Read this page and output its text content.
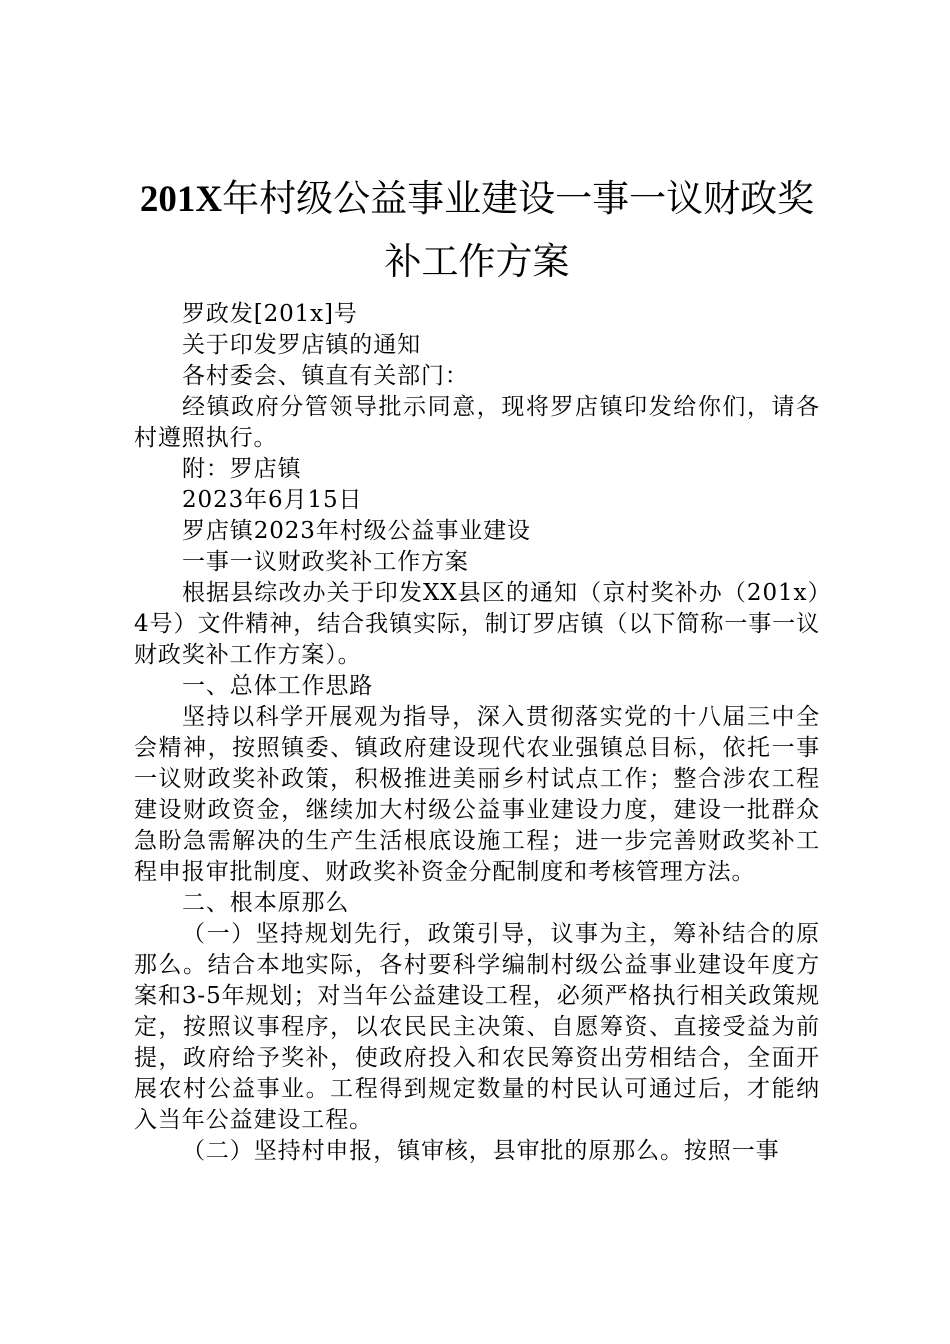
201X年村级公益事业建设一事一议财政奖补工作方案

罗政发[201x]号

关于印发罗店镇的通知

各村委会、镇直有关部门：

经镇政府分管领导批示同意，现将罗店镇印发给你们，请各村遵照执行。

附：罗店镇

2023年6月15日

罗店镇2023年村级公益事业建设

一事一议财政奖补工作方案

根据县综改办关于印发XX县区的通知（京村奖补办（201x）4号）文件精神，结合我镇实际，制订罗店镇（以下简称一事一议财政奖补工作方案）。

一、总体工作思路

坚持以科学开展观为指导，深入贯彻落实党的十八届三中全会精神，按照镇委、镇政府建设现代农业强镇总目标，依托一事一议财政奖补政策，积极推进美丽乡村试点工作；整合涉农工程建设财政资金，继续加大村级公益事业建设力度，建设一批群众急盼急需解决的生产生活根底设施工程；进一步完善财政奖补工程申报审批制度、财政奖补资金分配制度和考核管理方法。

二、根本原那么

（一）坚持规划先行，政策引导，议事为主，筹补结合的原那么。结合本地实际，各村要科学编制村级公益事业建设年度方案和3-5年规划；对当年公益建设工程，必须严格执行相关政策规定，按照议事程序，以农民民主决策、自愿筹资、直接受益为前提，政府给予奖补，使政府投入和农民筹资出劳相结合，全面开展农村公益事业。工程得到规定数量的村民认可通过后，才能纳入当年公益建设工程。

（二）坚持村申报，镇审核，县审批的原那么。按照一事
